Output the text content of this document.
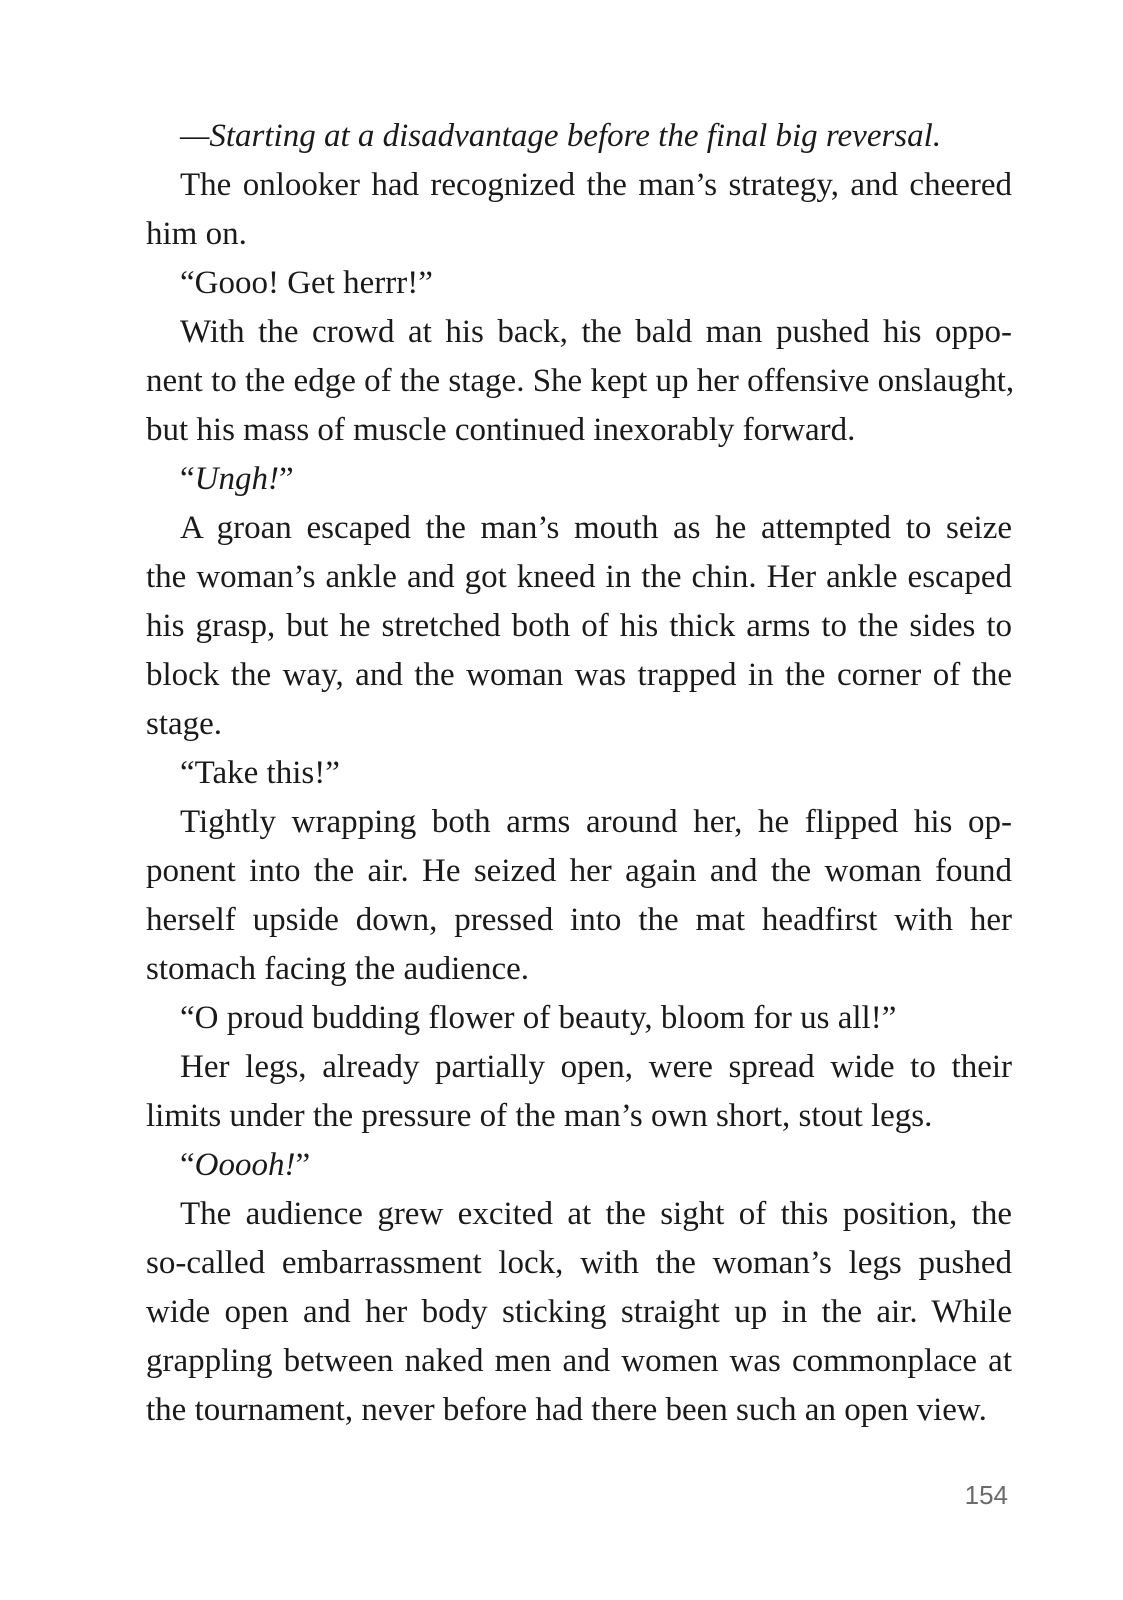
—Starting at a disadvantage before the final big reversal.
The onlooker had recognized the man’s strategy, and cheered
him on.
“Gooo! Get herrr!”
With the crowd at his back, the bald man pushed his oppo-
nent to the edge of the stage. She kept up her offensive onslaught,
but his mass of muscle continued inexorably forward.
“Ungh!”
A groan escaped the man’s mouth as he attempted to seize
the woman’s ankle and got kneed in the chin. Her ankle escaped
his grasp, but he stretched both of his thick arms to the sides to
block the way, and the woman was trapped in the corner of the
stage.
“Take this!”
Tightly wrapping both arms around her, he flipped his op-
ponent into the air. He seized her again and the woman found
herself upside down, pressed into the mat headfirst with her
stomach facing the audience.
“O proud budding flower of beauty, bloom for us all!”
Her legs, already partially open, were spread wide to their
limits under the pressure of the man’s own short, stout legs.
“Ooooh!”
The audience grew excited at the sight of this position, the
so-called embarrassment lock, with the woman’s legs pushed
wide open and her body sticking straight up in the air. While
grappling between naked men and women was commonplace at
the tournament, never before had there been such an open view.
154
